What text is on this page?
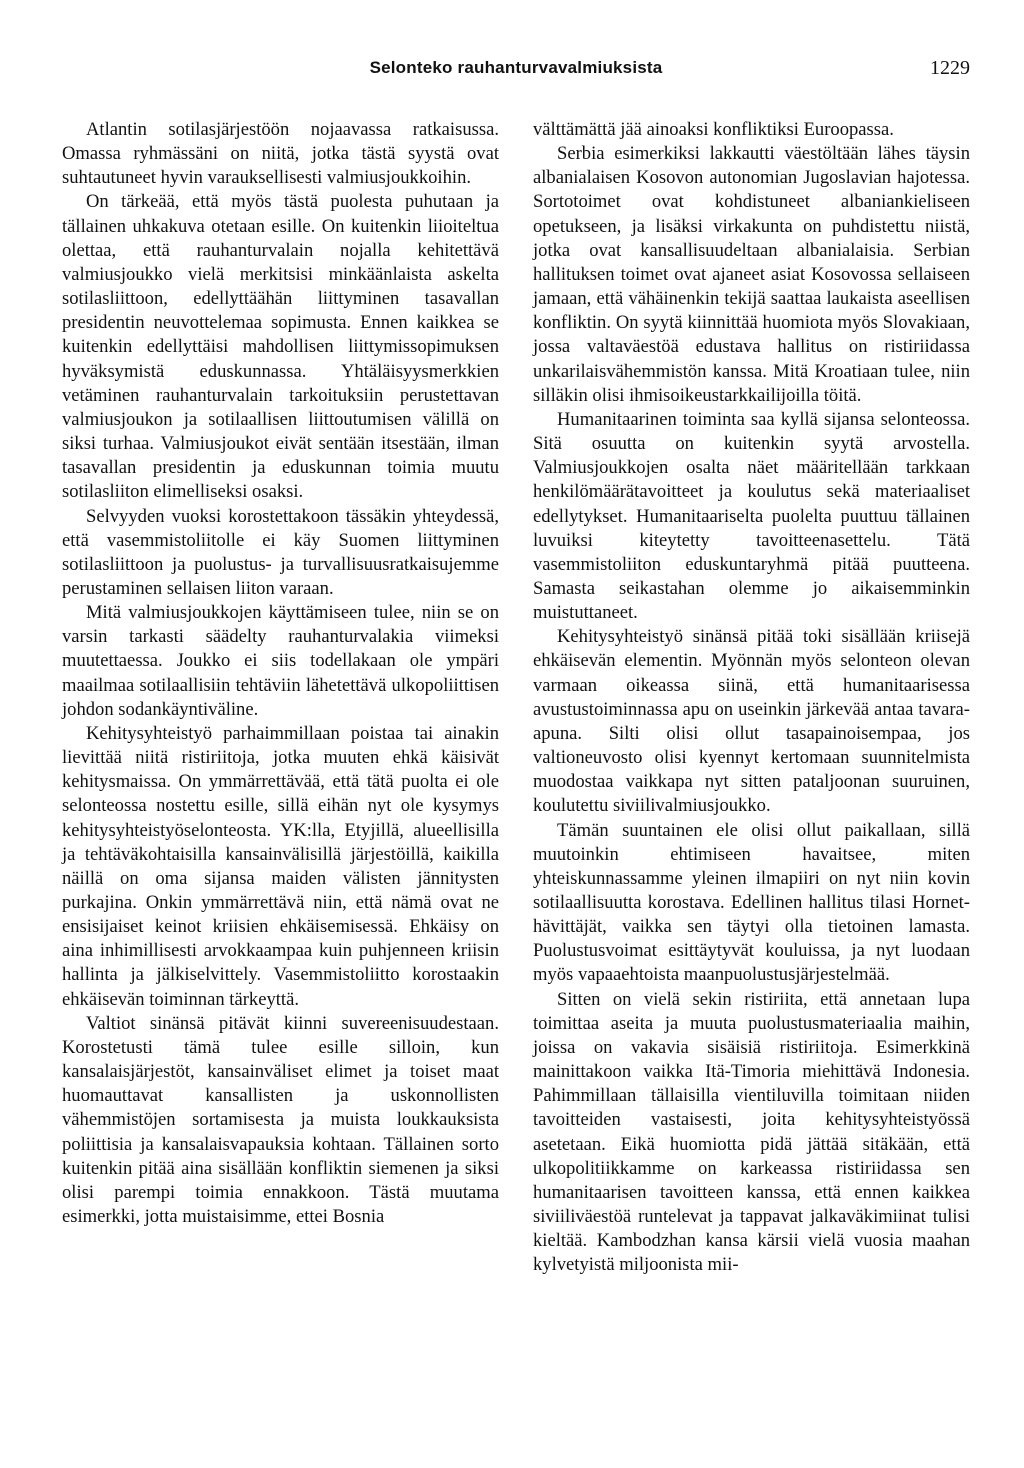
Selonteko rauhanturvavalmiuksista	1229

Atlantin sotilasjärjestöön nojaavassa ratkaisussa. Omassa ryhmässäni on niitä, jotka tästä syystä ovat suhtautuneet hyvin varauksellisesti valmiusjoukkoihin.

On tärkeää, että myös tästä puolesta puhutaan ja tällainen uhkakuva otetaan esille. On kuitenkin liioiteltua olettaa, että rauhanturvalain nojalla kehitettävä valmiusjoukko vielä merkitsisi minkäänlaista askelta sotilasliittoon, edellyttäähän liittyminen tasavallan presidentin neuvottelemaa sopimusta. Ennen kaikkea se kuitenkin edellyttäisi mahdollisen liittymissopimuksen hyväksymistä eduskunnassa. Yhtäläisyysmerkkien vetäminen rauhanturvalain tarkoituksiin perustettavan valmiusjoukon ja sotilaallisen liittoutumisen välillä on siksi turhaa. Valmiusjoukot eivät sentään itsestään, ilman tasavallan presidentin ja eduskunnan toimia muutu sotilasliiton elimelliseksi osaksi.

Selvyyden vuoksi korostettakoon tässäkin yhteydessä, että vasemmistoliitolle ei käy Suomen liittyminen sotilasliittoon ja puolustus- ja turvallisuusratkaisujemme perustaminen sellaisen liiton varaan.

Mitä valmiusjoukkojen käyttämiseen tulee, niin se on varsin tarkasti säädelty rauhanturvalakia viimeksi muutettaessa. Joukko ei siis todellakaan ole ympäri maailmaa sotilaallisiin tehtäviin lähetettävä ulkopoliittisen johdon sodankäyntiväline.

Kehitysyhteistyö parhaimmillaan poistaa tai ainakin lievittää niitä ristiriitoja, jotka muuten ehkä käisivät kehitysmaissa. On ymmärrettävää, että tätä puolta ei ole selonteossa nostettu esille, sillä eihän nyt ole kysymys kehitysyhteistyöselonteosta. YK:lla, Etyjillä, alueellisilla ja tehtäväkohtaisilla kansainvälisillä järjestöillä, kaikilla näillä on oma sijansa maiden välisten jännitysten purkajina. Onkin ymmärrettävä niin, että nämä ovat ne ensisijaiset keinot kriisien ehkäisemisessä. Ehkäisy on aina inhimillisesti arvokkaampaa kuin puhjenneen kriisin hallinta ja jälkiselvittely. Vasemmistoliitto korostaakin ehkäisevän toiminnan tärkeyttä.

Valtiot sinänsä pitävät kiinni suvereenisuudestaan. Korostetusti tämä tulee esille silloin, kun kansalaisjärjestöt, kansainväliset elimet ja toiset maat huomauttavat kansallisten ja uskonnollisten vähemmistöjen sortamisesta ja muista loukkauksista poliittisia ja kansalaisvapauksia kohtaan. Tällainen sorto kuitenkin pitää aina sisällään konfliktin siemenen ja siksi olisi parempi toimia ennakkoon. Tästä muutama esimerkki, jotta muistaisimme, ettei Bosnia

välttämättä jää ainoaksi konfliktiksi Euroopassa.

Serbia esimerkiksi lakkautti väestöltään lähes täysin albanialaisen Kosovon autonomian Jugoslavian hajotessa. Sortotoimet ovat kohdistuneet albaniankieliseen opetukseen, ja lisäksi virkakunta on puhdistettu niistä, jotka ovat kansallisuudeltaan albanialaisia. Serbian hallituksen toimet ovat ajaneet asiat Kosovossa sellaiseen jamaan, että vähäinenkin tekijä saattaa laukaista aseellisen konfliktin. On syytä kiinnittää huomiota myös Slovakiaan, jossa valtaväestöä edustava hallitus on ristiriidassa unkarilaisvähemmistön kanssa. Mitä Kroatiaan tulee, niin silläkin olisi ihmisoikeustarkkailijoilla töitä.

Humanitaarinen toiminta saa kyllä sijansa selonteossa. Sitä osuutta on kuitenkin syytä arvostella. Valmiusjoukkojen osalta näet määritellään tarkkaan henkilömäärätavoitteet ja koulutus sekä materiaaliset edellytykset. Humanitaariselta puolelta puuttuu tällainen luvuiksi kiteytetty tavoitteenasettelu. Tätä vasemmistoliiton eduskuntaryhmä pitää puutteena. Samasta seikastahan olemme jo aikaisemminkin muistuttaneet.

Kehitysyhteistyö sinänsä pitää toki sisällään kriisejä ehkäisevän elementin. Myönnän myös selonteon olevan varmaan oikeassa siinä, että humanitaarisessa avustustoiminnassa apu on useinkin järkevää antaa tavara-apuna. Silti olisi ollut tasapainoisempaa, jos valtioneuvosto olisi kyennyt kertomaan suunnitelmista muodostaa vaikkapa nyt sitten pataljoonan suuruinen, koulutettu siviilivalmiusjoukko.

Tämän suuntainen ele olisi ollut paikallaan, sillä muutoinkin ehtimiseen havaitsee, miten yhteiskunnassamme yleinen ilmapiiri on nyt niin kovin sotilaallisuutta korostava. Edellinen hallitus tilasi Hornet-hävittäjät, vaikka sen täytyi olla tietoinen lamasta. Puolustusvoimat esittäytyvät kouluissa, ja nyt luodaan myös vapaaehtoista maanpuolustusjärjestelmää.

Sitten on vielä sekin ristiriita, että annetaan lupa toimittaa aseita ja muuta puolustusmateriaalia maihin, joissa on vakavia sisäisiä ristiriitoja. Esimerkkinä mainittakoon vaikka Itä-Timoria miehittävä Indonesia. Pahimmillaan tällaisilla vientiluvilla toimitaan niiden tavoitteiden vastaisesti, joita kehitysyhteistyössä asetetaan. Eikä huomiotta pidä jättää sitäkään, että ulkopolitiikkamme on karkeassa ristiriidassa sen humanitaarisen tavoitteen kanssa, että ennen kaikkea siviiliväestöä runtelevat ja tappavat jalkaväkimiinat tulisi kieltää. Kambodzhan kansa kärsii vielä vuosia maahan kylvetyistä miljoonista mii-
